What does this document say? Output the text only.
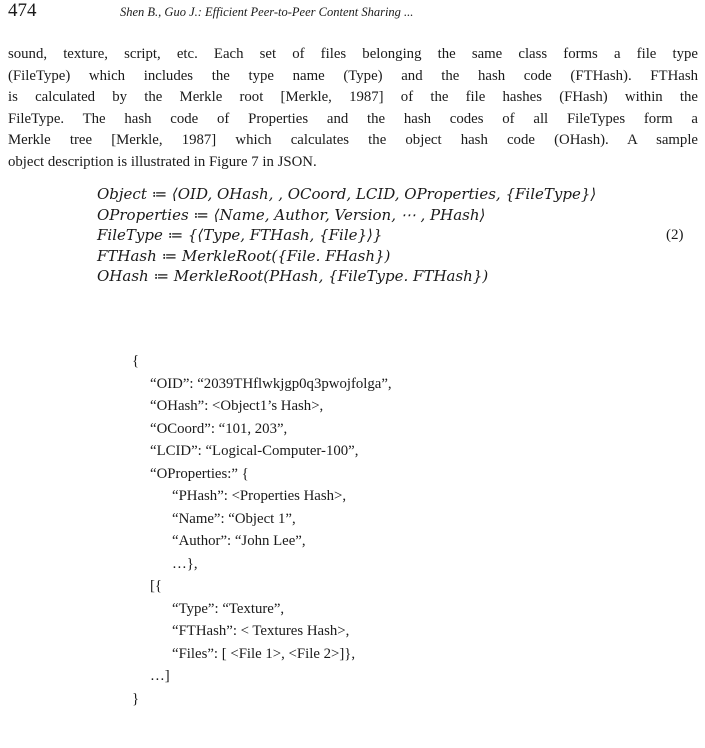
474	Shen B., Guo J.: Efficient Peer-to-Peer Content Sharing ...
sound, texture, script, etc. Each set of files belonging the same class forms a file type
(FileType) which includes the type name (Type) and the hash code (FTHash). FTHash
is calculated by the Merkle root [Merkle, 1987] of the file hashes (FHash) within the
FileType. The hash code of Properties and the hash codes of all FileTypes form a
Merkle tree [Merkle, 1987] which calculates the object hash code (OHash). A sample
object description is illustrated in Figure 7 in JSON.
Object ≔ ⟨OID, OHash, , OCoord, LCID, OProperties, {FileType}⟩
OProperties ≔ ⟨Name, Author, Version, ⋯ , PHash⟩
FileType ≔ {⟨Type, FTHash, {File}⟩}
FTHash ≔ MerkleRoot({File. FHash})
OHash ≔ MerkleRoot(PHash, {FileType. FTHash})
(2)
{
“OID”: “2039THflwkjgp0q3pwojfolga”,
“OHash”: <Object1’s Hash>,
“OCoord”: “101, 203”,
“LCID”: “Logical-Computer-100”,
“OProperties:” {
“PHash”: <Properties Hash>,
“Name”: “Object 1”,
“Author”: “John Lee”,
…},
[{
“Type”: “Texture”,
“FTHash”: < Textures Hash>,
“Files”: [ <File 1>, <File 2>]},
…]
}
